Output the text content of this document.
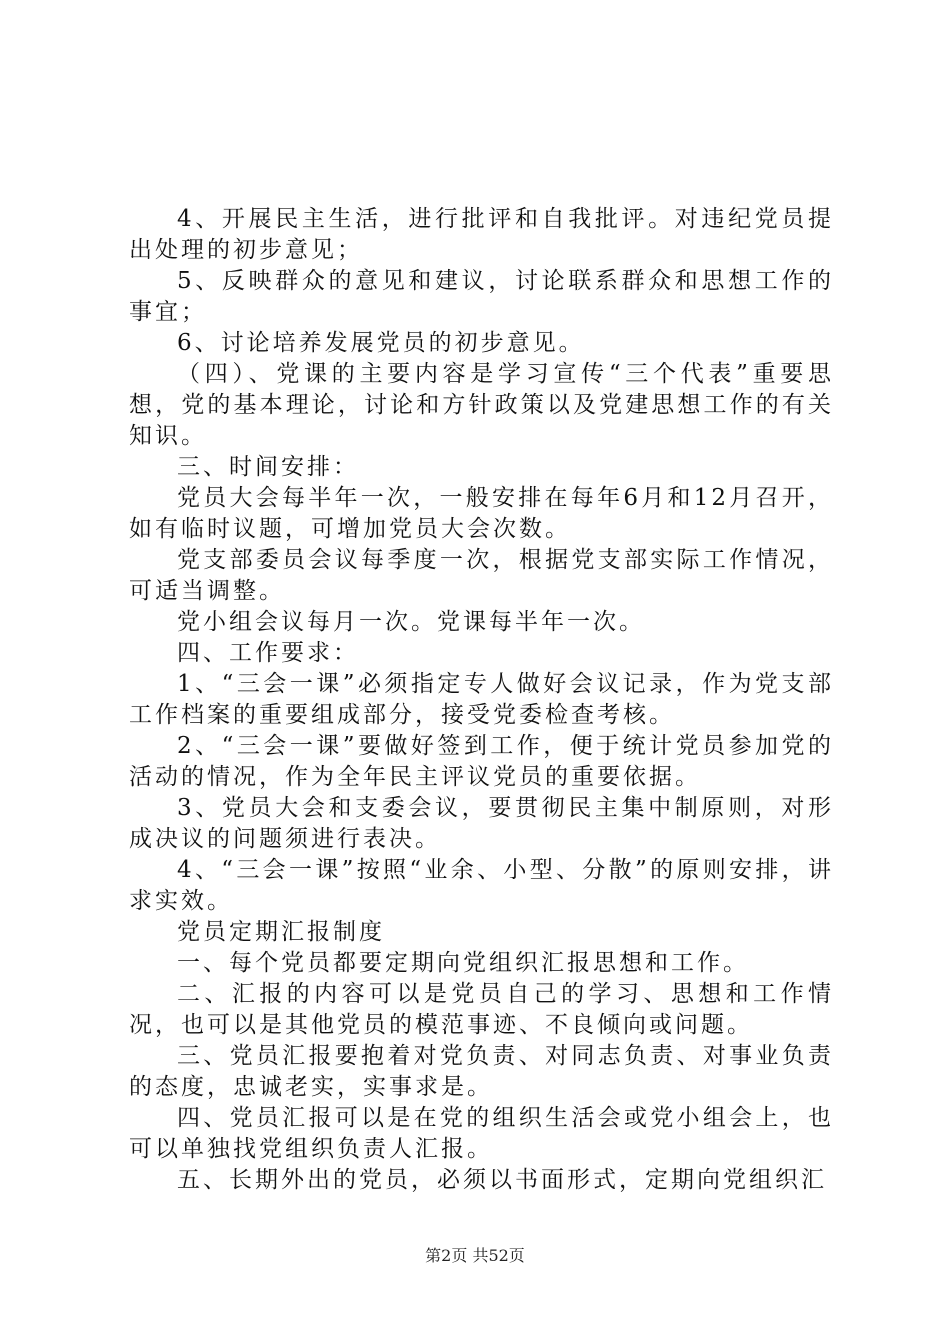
4、开展民主生活，进行批评和自我批评。对违纪党员提出处理的初步意见；

5、反映群众的意见和建议，讨论联系群众和思想工作的事宜；

6、讨论培养发展党员的初步意见。

（四）、党课的主要内容是学习宣传“三个代表”重要思想，党的基本理论，讨论和方针政策以及党建思想工作的有关知识。

三、时间安排：

党员大会每半年一次，一般安排在每年6月和12月召开，如有临时议题，可增加党员大会次数。

党支部委员会议每季度一次，根据党支部实际工作情况，可适当调整。

党小组会议每月一次。党课每半年一次。

四、工作要求：

1、“三会一课”必须指定专人做好会议记录，作为党支部工作档案的重要组成部分，接受党委检查考核。

2、“三会一课”要做好签到工作，便于统计党员参加党的活动的情况，作为全年民主评议党员的重要依据。

3、党员大会和支委会议，要贯彻民主集中制原则，对形成决议的问题须进行表决。

4、“三会一课”按照“业余、小型、分散”的原则安排，讲求实效。

党员定期汇报制度

一、每个党员都要定期向党组织汇报思想和工作。

二、汇报的内容可以是党员自己的学习、思想和工作情况，也可以是其他党员的模范事迹、不良倾向或问题。

三、党员汇报要抱着对党负责、对同志负责、对事业负责的态度，忠诚老实，实事求是。

四、党员汇报可以是在党的组织生活会或党小组会上，也可以单独找党组织负责人汇报。

五、长期外出的党员，必须以书面形式，定期向党组织汇

第2页 共52页
